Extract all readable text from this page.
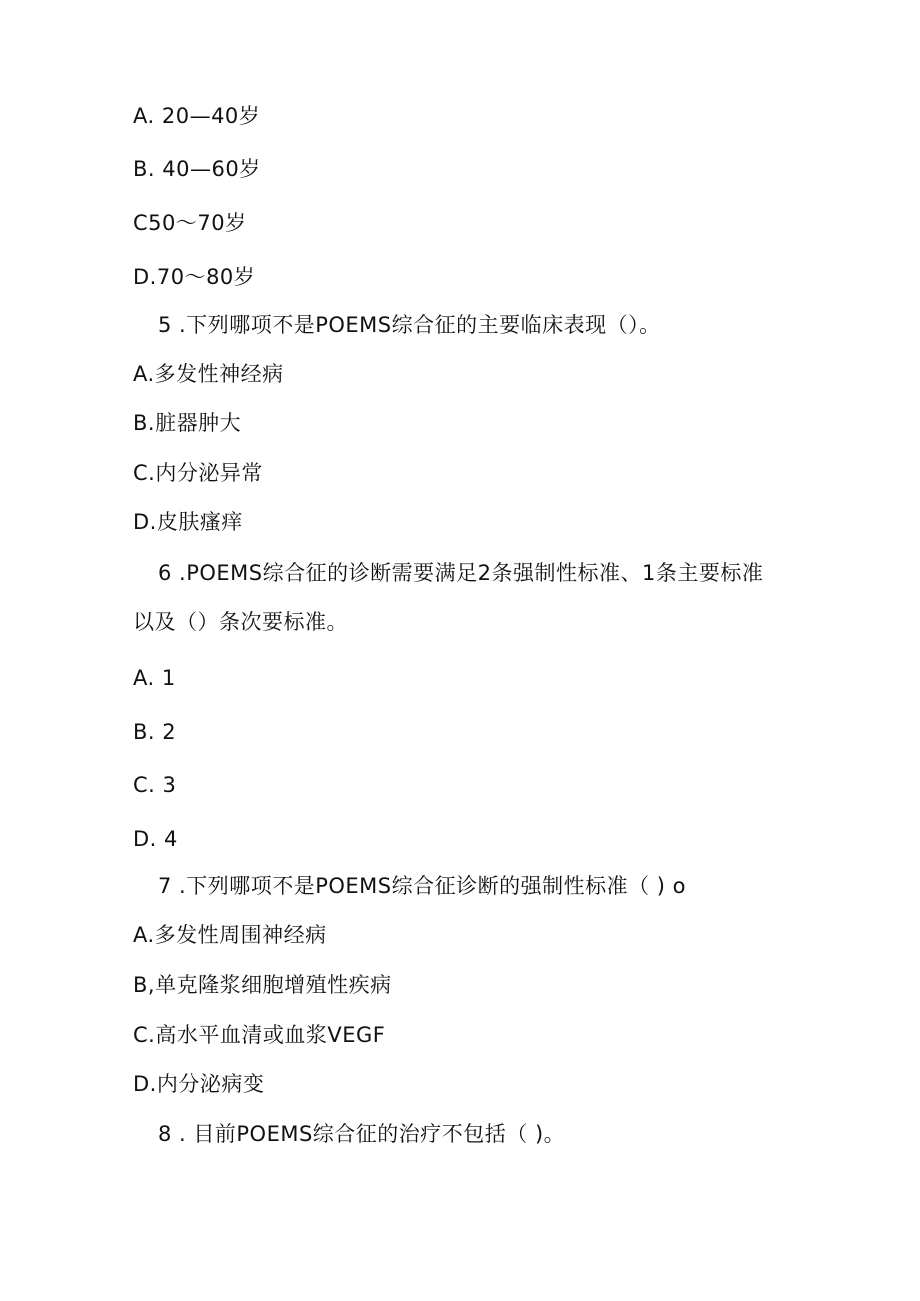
A. 20—40岁
B. 40—60岁
C50〜70岁
D.70〜80岁
5 .下列哪项不是POEMS综合征的主要临床表现（）。
A.多发性神经病
B.脏器肿大
C.内分泌异常
D.皮肤瘙痒
6 .POEMS综合征的诊断需要满足2条强制性标准、1条主要标准
以及（）条次要标准。
A. 1
B. 2
C. 3
D. 4
7 .下列哪项不是POEMS综合征诊断的强制性标准（ ) o
A.多发性周围神经病
B,单克隆浆细胞增殖性疾病
C.高水平血清或血浆VEGF
D.内分泌病变
8 . 目前POEMS综合征的治疗不包括（ )。
